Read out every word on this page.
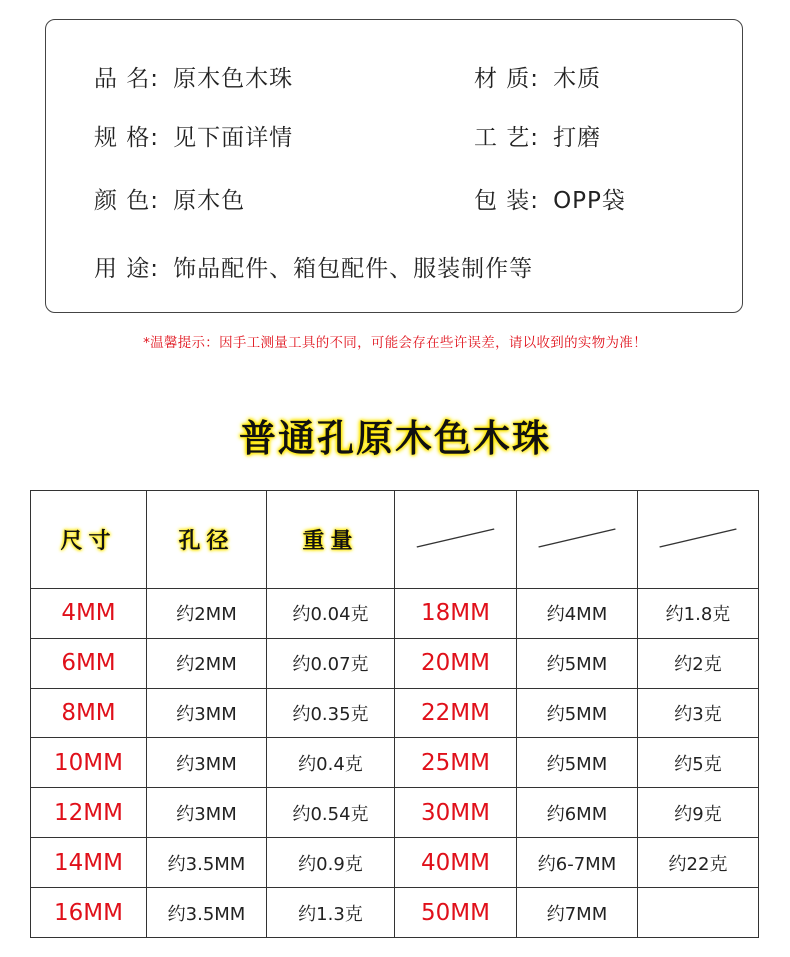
品 名: 原木色木珠	材 质: 木质
规 格: 见下面详情	工 艺: 打磨
颜 色: 原木色	包 装: OPP袋
用 途: 饰品配件、箱包配件、服装制作等
*温馨提示：因手工测量工具的不同，可能会存在些许误差，请以收到的实物为准！
普通孔原木色木珠
尺寸	孔径	重量	

4MM	约2MM	约0.04克	18MM	约4MM	约1.8克
6MM	约2MM	约0.07克	20MM	约5MM	约2克
8MM	约3MM	约0.35克	22MM	约5MM	约3克
10MM	约3MM	约0.4克	25MM	约5MM	约5克
12MM	约3MM	约0.54克	30MM	约6MM	约9克
14MM	约3.5MM	约0.9克	40MM	约6-7MM	约22克
16MM	约3.5MM	约1.3克	50MM	约7MM	
